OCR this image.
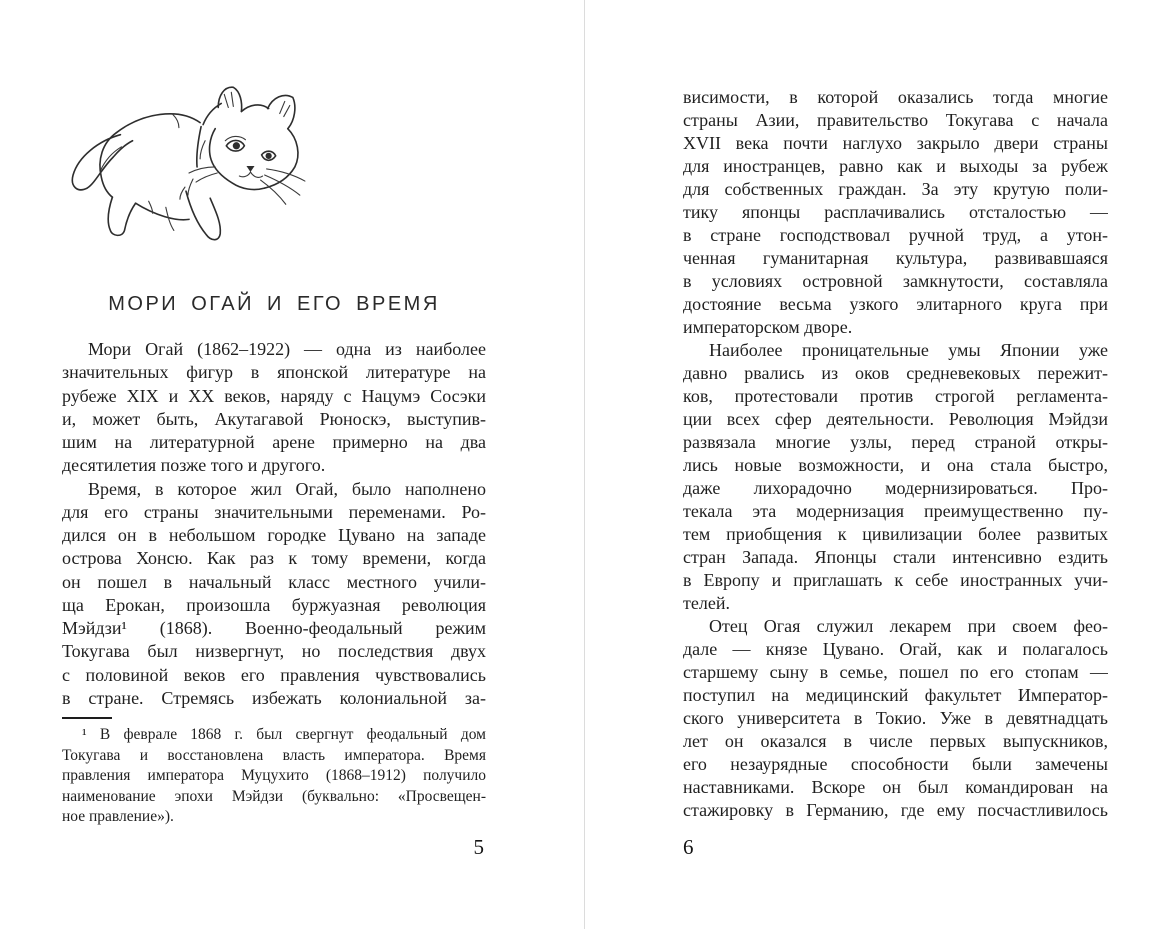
МОРИ ОГАЙ И ЕГО ВРЕМЯ
Мори Огай (1862–1922) — одна из наиболее
значительных фигур в японской литературе на
рубеже XIX и XX веков, наряду с Нацумэ Сосэки
и, может быть, Акутагавой Рюноскэ, выступив-
шим на литературной арене примерно на два
десятилетия позже того и другого.
Время, в которое жил Огай, было наполнено
для его страны значительными переменами. Ро-
дился он в небольшом городке Цувано на западе
острова Хонсю. Как раз к тому времени, когда
он пошел в начальный класс местного учили-
ща Ерокан, произошла буржуазная революция
Мэйдзи¹ (1868). Военно-феодальный режим
Токугава был низвергнут, но последствия двух
с половиной веков его правления чувствовались
в стране. Стремясь избежать колониальной за-
¹ В феврале 1868 г. был свергнут феодальный дом
Токугава и восстановлена власть императора. Время
правления императора Муцухито (1868–1912) получило
наименование эпохи Мэйдзи (буквально: «Просвещен-
ное правление»).
5
висимости, в которой оказались тогда многие
страны Азии, правительство Токугава с начала
XVII века почти наглухо закрыло двери страны
для иностранцев, равно как и выходы за рубеж
для собственных граждан. За эту крутую поли-
тику японцы расплачивались отсталостью —
в стране господствовал ручной труд, а утон-
ченная гуманитарная культура, развивавшаяся
в условиях островной замкнутости, составляла
достояние весьма узкого элитарного круга при
императорском дворе.
Наиболее проницательные умы Японии уже
давно рвались из оков средневековых пережит-
ков, протестовали против строгой регламента-
ции всех сфер деятельности. Революция Мэйдзи
развязала многие узлы, перед страной откры-
лись новые возможности, и она стала быстро,
даже лихорадочно модернизироваться. Про-
текала эта модернизация преимущественно пу-
тем приобщения к цивилизации более развитых
стран Запада. Японцы стали интенсивно ездить
в Европу и приглашать к себе иностранных учи-
телей.
Отец Огая служил лекарем при своем фео-
дале — князе Цувано. Огай, как и полагалось
старшему сыну в семье, пошел по его стопам —
поступил на медицинский факультет Император-
ского университета в Токио. Уже в девятнадцать
лет он оказался в числе первых выпускников,
его незаурядные способности были замечены
наставниками. Вскоре он был командирован на
стажировку в Германию, где ему посчастливилось
6
